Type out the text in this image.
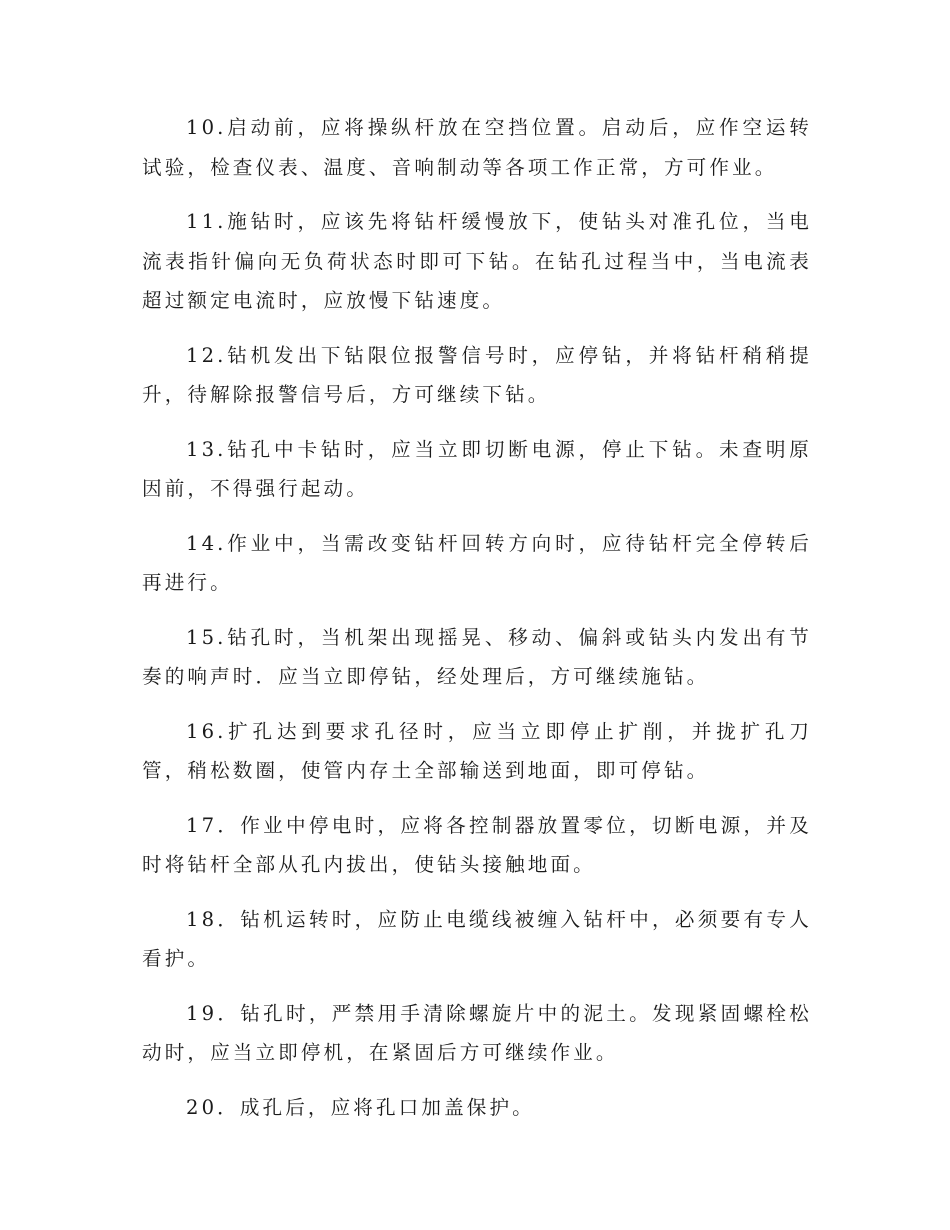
10.启动前，应将操纵杆放在空挡位置。启动后，应作空运转试验，检查仪表、温度、音响制动等各项工作正常，方可作业。

11.施钻时，应该先将钻杆缓慢放下，使钻头对准孔位，当电流表指针偏向无负荷状态时即可下钻。在钻孔过程当中，当电流表超过额定电流时，应放慢下钻速度。

12.钻机发出下钻限位报警信号时，应停钻，并将钻杆稍稍提升，待解除报警信号后，方可继续下钻。

13.钻孔中卡钻时，应当立即切断电源，停止下钻。未查明原因前，不得强行起动。

14.作业中，当需改变钻杆回转方向时，应待钻杆完全停转后再进行。

15.钻孔时，当机架出现摇晃、移动、偏斜或钻头内发出有节奏的响声时．应当立即停钻，经处理后，方可继续施钻。

16.扩孔达到要求孔径时，应当立即停止扩削，并拢扩孔刀管，稍松数圈，使管内存土全部输送到地面，即可停钻。

17．作业中停电时，应将各控制器放置零位，切断电源，并及时将钻杆全部从孔内拔出，使钻头接触地面。

18．钻机运转时，应防止电缆线被缠入钻杆中，必须要有专人看护。

19．钻孔时，严禁用手清除螺旋片中的泥土。发现紧固螺栓松动时，应当立即停机，在紧固后方可继续作业。

20．成孔后，应将孔口加盖保护。
